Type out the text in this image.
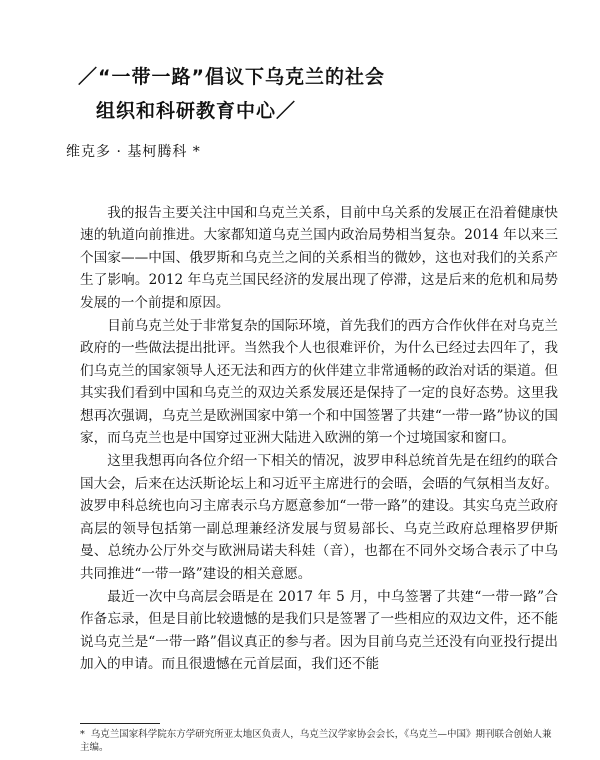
／“一带一路”倡议下乌克兰的社会
组织和科研教育中心／
维克多 · 基柯腾科 *

我的报告主要关注中国和乌克兰关系，目前中乌关系的发展正在沿着健康快速的轨道向前推进。大家都知道乌克兰国内政治局势相当复杂。2014 年以来三个国家——中国、俄罗斯和乌克兰之间的关系相当的微妙，这也对我们的关系产生了影响。2012 年乌克兰国民经济的发展出现了停滞，这是后来的危机和局势发展的一个前提和原因。

目前乌克兰处于非常复杂的国际环境，首先我们的西方合作伙伴在对乌克兰政府的一些做法提出批评。当然我个人也很难评价，为什么已经过去四年了，我们乌克兰的国家领导人还无法和西方的伙伴建立非常通畅的政治对话的渠道。但其实我们看到中国和乌克兰的双边关系发展还是保持了一定的良好态势。这里我想再次强调，乌克兰是欧洲国家中第一个和中国签署了共建“一带一路”协议的国家，而乌克兰也是中国穿过亚洲大陆进入欧洲的第一个过境国家和窗口。

这里我想再向各位介绍一下相关的情况，波罗申科总统首先是在纽约的联合国大会，后来在达沃斯论坛上和习近平主席进行的会晤，会晤的气氛相当友好。波罗申科总统也向习主席表示乌方愿意参加“一带一路”的建设。其实乌克兰政府高层的领导包括第一副总理兼经济发展与贸易部长、乌克兰政府总理格罗伊斯曼、总统办公厅外交与欧洲局诺夫科娃（音），也都在不同外交场合表示了中乌共同推进“一带一路”建设的相关意愿。

最近一次中乌高层会晤是在 2017 年 5 月，中乌签署了共建“一带一路”合作备忘录，但是目前比较遗憾的是我们只是签署了一些相应的双边文件，还不能说乌克兰是“一带一路”倡议真正的参与者。因为目前乌克兰还没有向亚投行提出加入的申请。而且很遗憾在元首层面，我们还不能

* 乌克兰国家科学院东方学研究所亚太地区负责人，乌克兰汉学家协会会长，《乌克兰—中国》期刊联合创始人兼主编。
